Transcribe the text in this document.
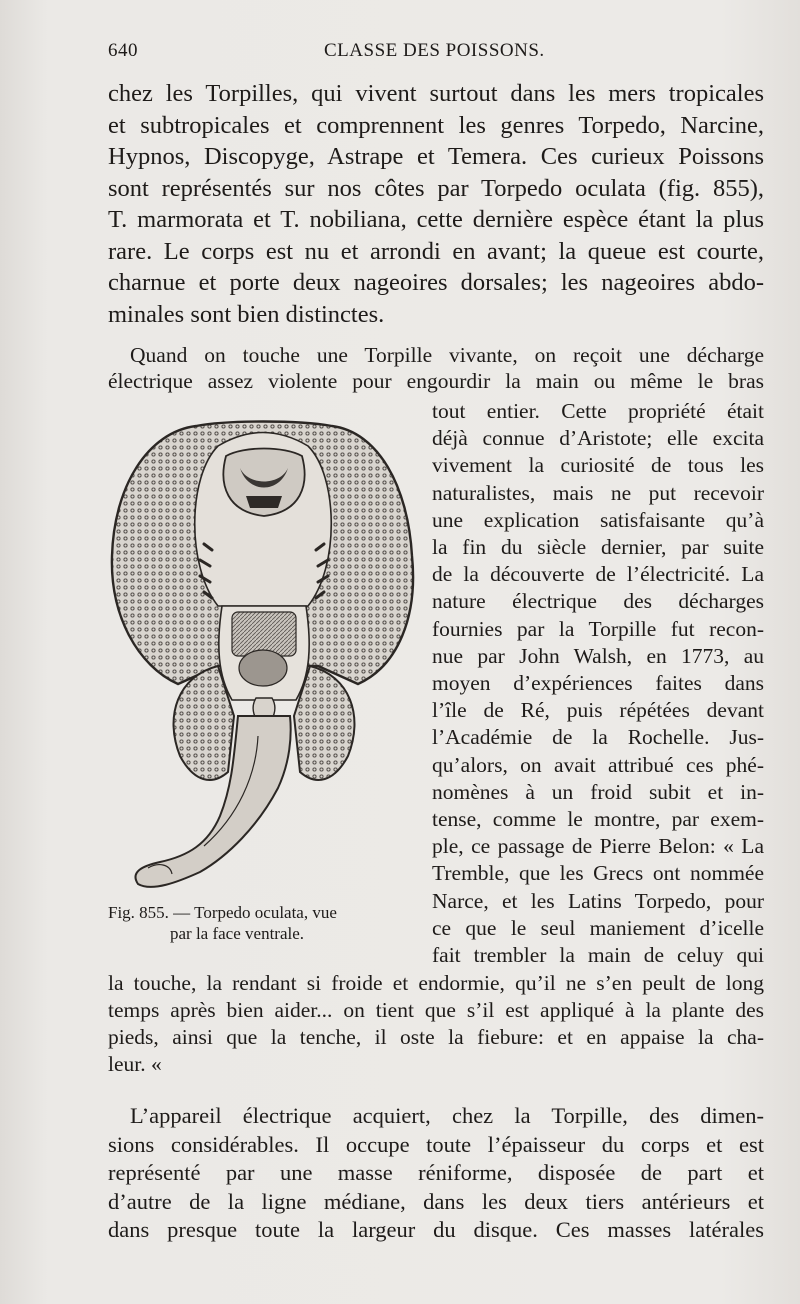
640	CLASSE DES POISSONS.
chez les Torpilles, qui vivent surtout dans les mers tropicales
et subtropicales et comprennent les genres Torpedo, Narcine,
Hypnos, Discopyge, Astrape et Temera. Ces curieux Poissons
sont représentés sur nos côtes par Torpedo oculata (fig. 855),
T. marmorata et T. nobiliana, cette dernière espèce étant la plus
rare. Le corps est nu et arrondi en avant; la queue est courte,
charnue et porte deux nageoires dorsales; les nageoires abdo-
minales sont bien distinctes.
Quand on touche une Torpille vivante, on reçoit une décharge
électrique assez violente pour engourdir la main ou même le bras
Fig. 855. — Torpedo oculata, vue
par la face ventrale.
tout entier. Cette propriété était
déjà connue d’Aristote; elle excita
vivement la curiosité de tous les
naturalistes, mais ne put recevoir
une explication satisfaisante qu’à
la fin du siècle dernier, par suite
de la découverte de l’électricité. La
nature électrique des décharges
fournies par la Torpille fut recon-
nue par John Walsh, en 1773, au
moyen d’expériences faites dans
l’île de Ré, puis répétées devant
l’Académie de la Rochelle. Jus-
qu’alors, on avait attribué ces phé-
nomènes à un froid subit et in-
tense, comme le montre, par exem-
ple, ce passage de Pierre Belon: « La
Tremble, que les Grecs ont nommée
Narce, et les Latins Torpedo, pour
ce que le seul maniement d’icelle
fait trembler la main de celuy qui
la touche, la rendant si froide et endormie, qu’il ne s’en peult de long
temps après bien aider... on tient que s’il est appliqué à la plante des
pieds, ainsi que la tenche, il oste la fiebure: et en appaise la cha-
leur. «
L’appareil électrique acquiert, chez la Torpille, des dimen-
sions considérables. Il occupe toute l’épaisseur du corps et est
représenté par une masse réniforme, disposée de part et
d’autre de la ligne médiane, dans les deux tiers antérieurs et
dans presque toute la largeur du disque. Ces masses latérales
